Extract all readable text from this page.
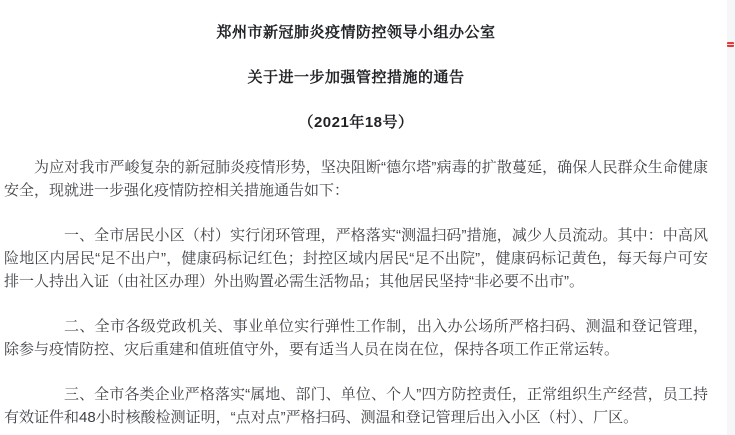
郑州市新冠肺炎疫情防控领导小组办公室
关于进一步加强管控措施的通告
（2021年18号）

为应对我市严峻复杂的新冠肺炎疫情形势，坚决阻断“德尔塔”病毒的扩散蔓延，确保人民群众生命健康安全，现就进一步强化疫情防控相关措施通告如下：

一、全市居民小区（村）实行闭环管理，严格落实“测温扫码”措施，减少人员流动。其中：中高风险地区内居民“足不出户”，健康码标记红色；封控区域内居民“足不出院”，健康码标记黄色，每天每户可安排一人持出入证（由社区办理）外出购置必需生活物品；其他居民坚持“非必要不出市”。

二、全市各级党政机关、事业单位实行弹性工作制，出入办公场所严格扫码、测温和登记管理，除参与疫情防控、灾后重建和值班值守外，要有适当人员在岗在位，保持各项工作正常运转。

三、全市各类企业严格落实“属地、部门、单位、个人”四方防控责任，正常组织生产经营，员工持有效证件和48小时核酸检测证明，“点对点”严格扫码、测温和登记管理后出入小区（村）、厂区。
